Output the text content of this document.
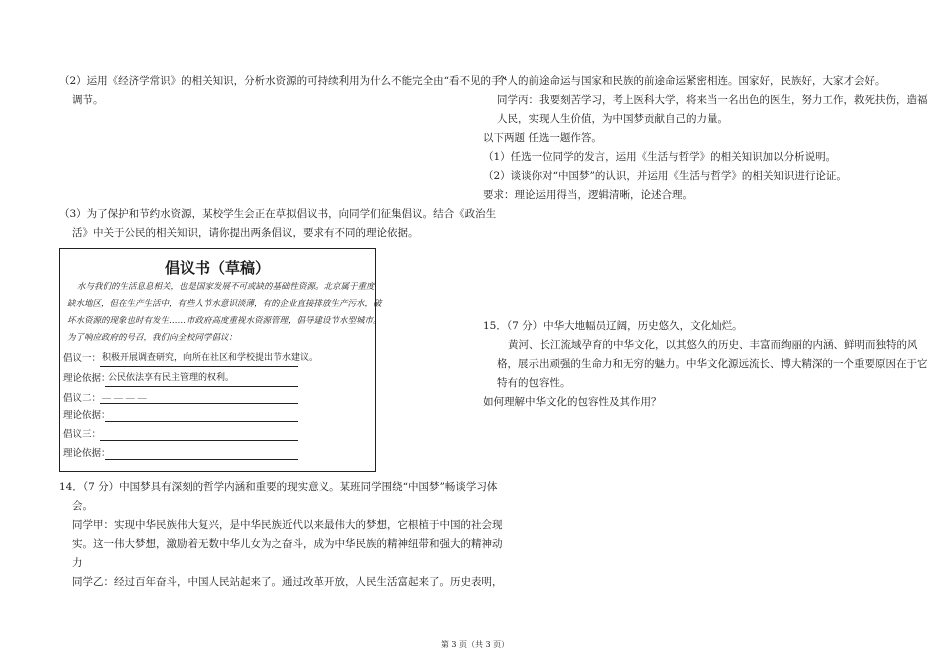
（2）运用《经济学常识》的相关知识，分析水资源的可持续利用为什么不能完全由“看不见的手”
调节。
（3）为了保护和节约水资源，某校学生会正在草拟倡议书，向同学们征集倡议。结合《政治生
活》中关于公民的相关知识，请你提出两条倡议，要求有不同的理论依据。
倡议书（草稿）
水与我们的生活息息相关，也是国家发展不可或缺的基础性资源。北京属于重度
缺水地区，但在生产生活中，有些人节水意识淡薄，有的企业直接排放生产污水，破
坏水资源的现象也时有发生……市政府高度重视水资源管理，倡导建设节水型城市。
为了响应政府的号召，我们向全校同学倡议：
倡议一： 积极开展调查研究，向所在社区和学校提出节水建议。
理论依据：
公民依法享有民主管理的权利。
倡议二： ＿ ＿ ＿ ＿
理论依据：
倡议三：
理论依据：
14．（7 分）中国梦具有深刻的哲学内涵和重要的现实意义。某班同学围绕“中国梦”畅谈学习体
会。
同学甲：实现中华民族伟大复兴，是中华民族近代以来最伟大的梦想，它根植于中国的社会现
实。这一伟大梦想，激励着无数中华儿女为之奋斗，成为中华民族的精神纽带和强大的精神动
力
同学乙：经过百年奋斗，中国人民站起来了。通过改革开放，人民生活富起来了。历史表明，
个人的前途命运与国家和民族的前途命运紧密相连。国家好，民族好，大家才会好。
同学丙：我要刻苦学习，考上医科大学，将来当一名出色的医生，努力工作，救死扶伤，造福
人民，实现人生价值，为中国梦贡献自己的力量。
以下两题 任选一题作答。
（1）任选一位同学的发言，运用《生活与哲学》的相关知识加以分析说明。
（2）谈谈你对“中国梦”的认识，并运用《生活与哲学》的相关知识进行论证。
要求：理论运用得当，逻辑清晰，论述合理。
15．（7 分）中华大地幅员辽阔，历史悠久，文化灿烂。
黄河、长江流域孕育的中华文化，以其悠久的历史、丰富而绚丽的内涵、鲜明而独特的风
格，展示出顽强的生命力和无穷的魅力。中华文化源远流长、博大精深的一个重要原因在于它
特有的包容性。
如何理解中华文化的包容性及其作用？
第 3 页（共 3 页）
